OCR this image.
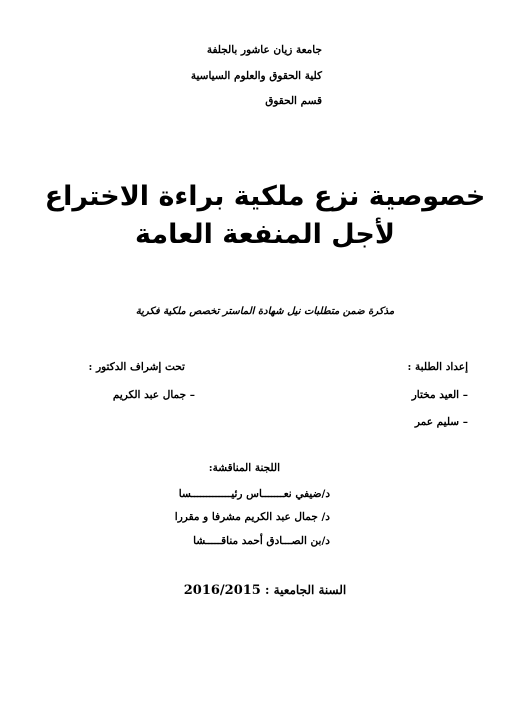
جامعة زيان عاشور بالجلفة
كلية الحقوق والعلوم السياسية
قسم الحقوق
خصوصية نزع ملكية براءة الاختراع
لأجل المنفعة العامة
مذكرة ضمن متطلبات نيل شهادة الماستر تخصص ملكية فكرية
إعداد الطلبة :
– العيد مختار
– سليم عمر
تحت إشراف الدكتور :
– جمال عبد الكريم
اللجنة المناقشة:
د/ضيفي نعـــــــاس رئيـــــــــــــسا
د/ جمال عبد الكريم مشرفا و مقررا
د/بن الصـــادق أحمد مناقـــــشا
السنة الجامعية : 2016/2015
